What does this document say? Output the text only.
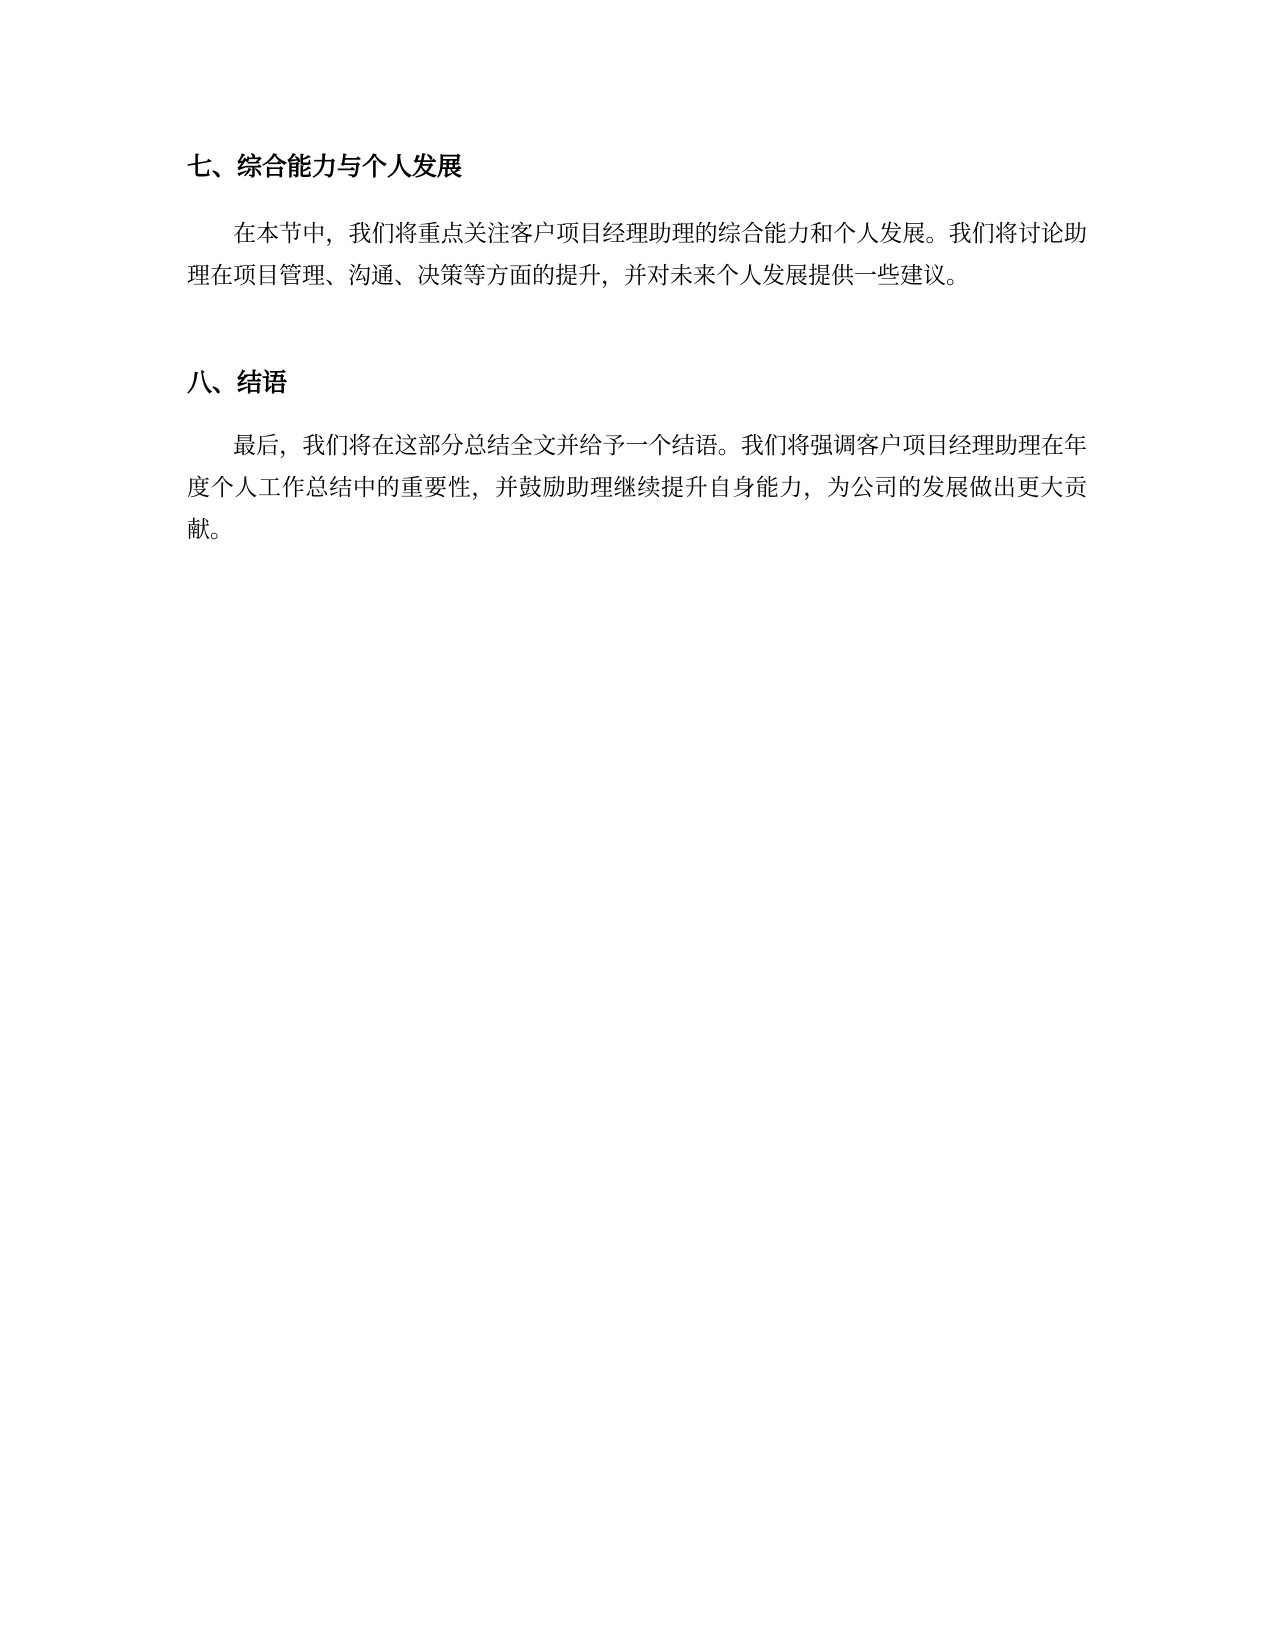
七、综合能力与个人发展

在本节中，我们将重点关注客户项目经理助理的综合能力和个人发展。我们将讨论助理在项目管理、沟通、决策等方面的提升，并对未来个人发展提供一些建议。

八、结语

最后，我们将在这部分总结全文并给予一个结语。我们将强调客户项目经理助理在年度个人工作总结中的重要性，并鼓励助理继续提升自身能力，为公司的发展做出更大贡献。
